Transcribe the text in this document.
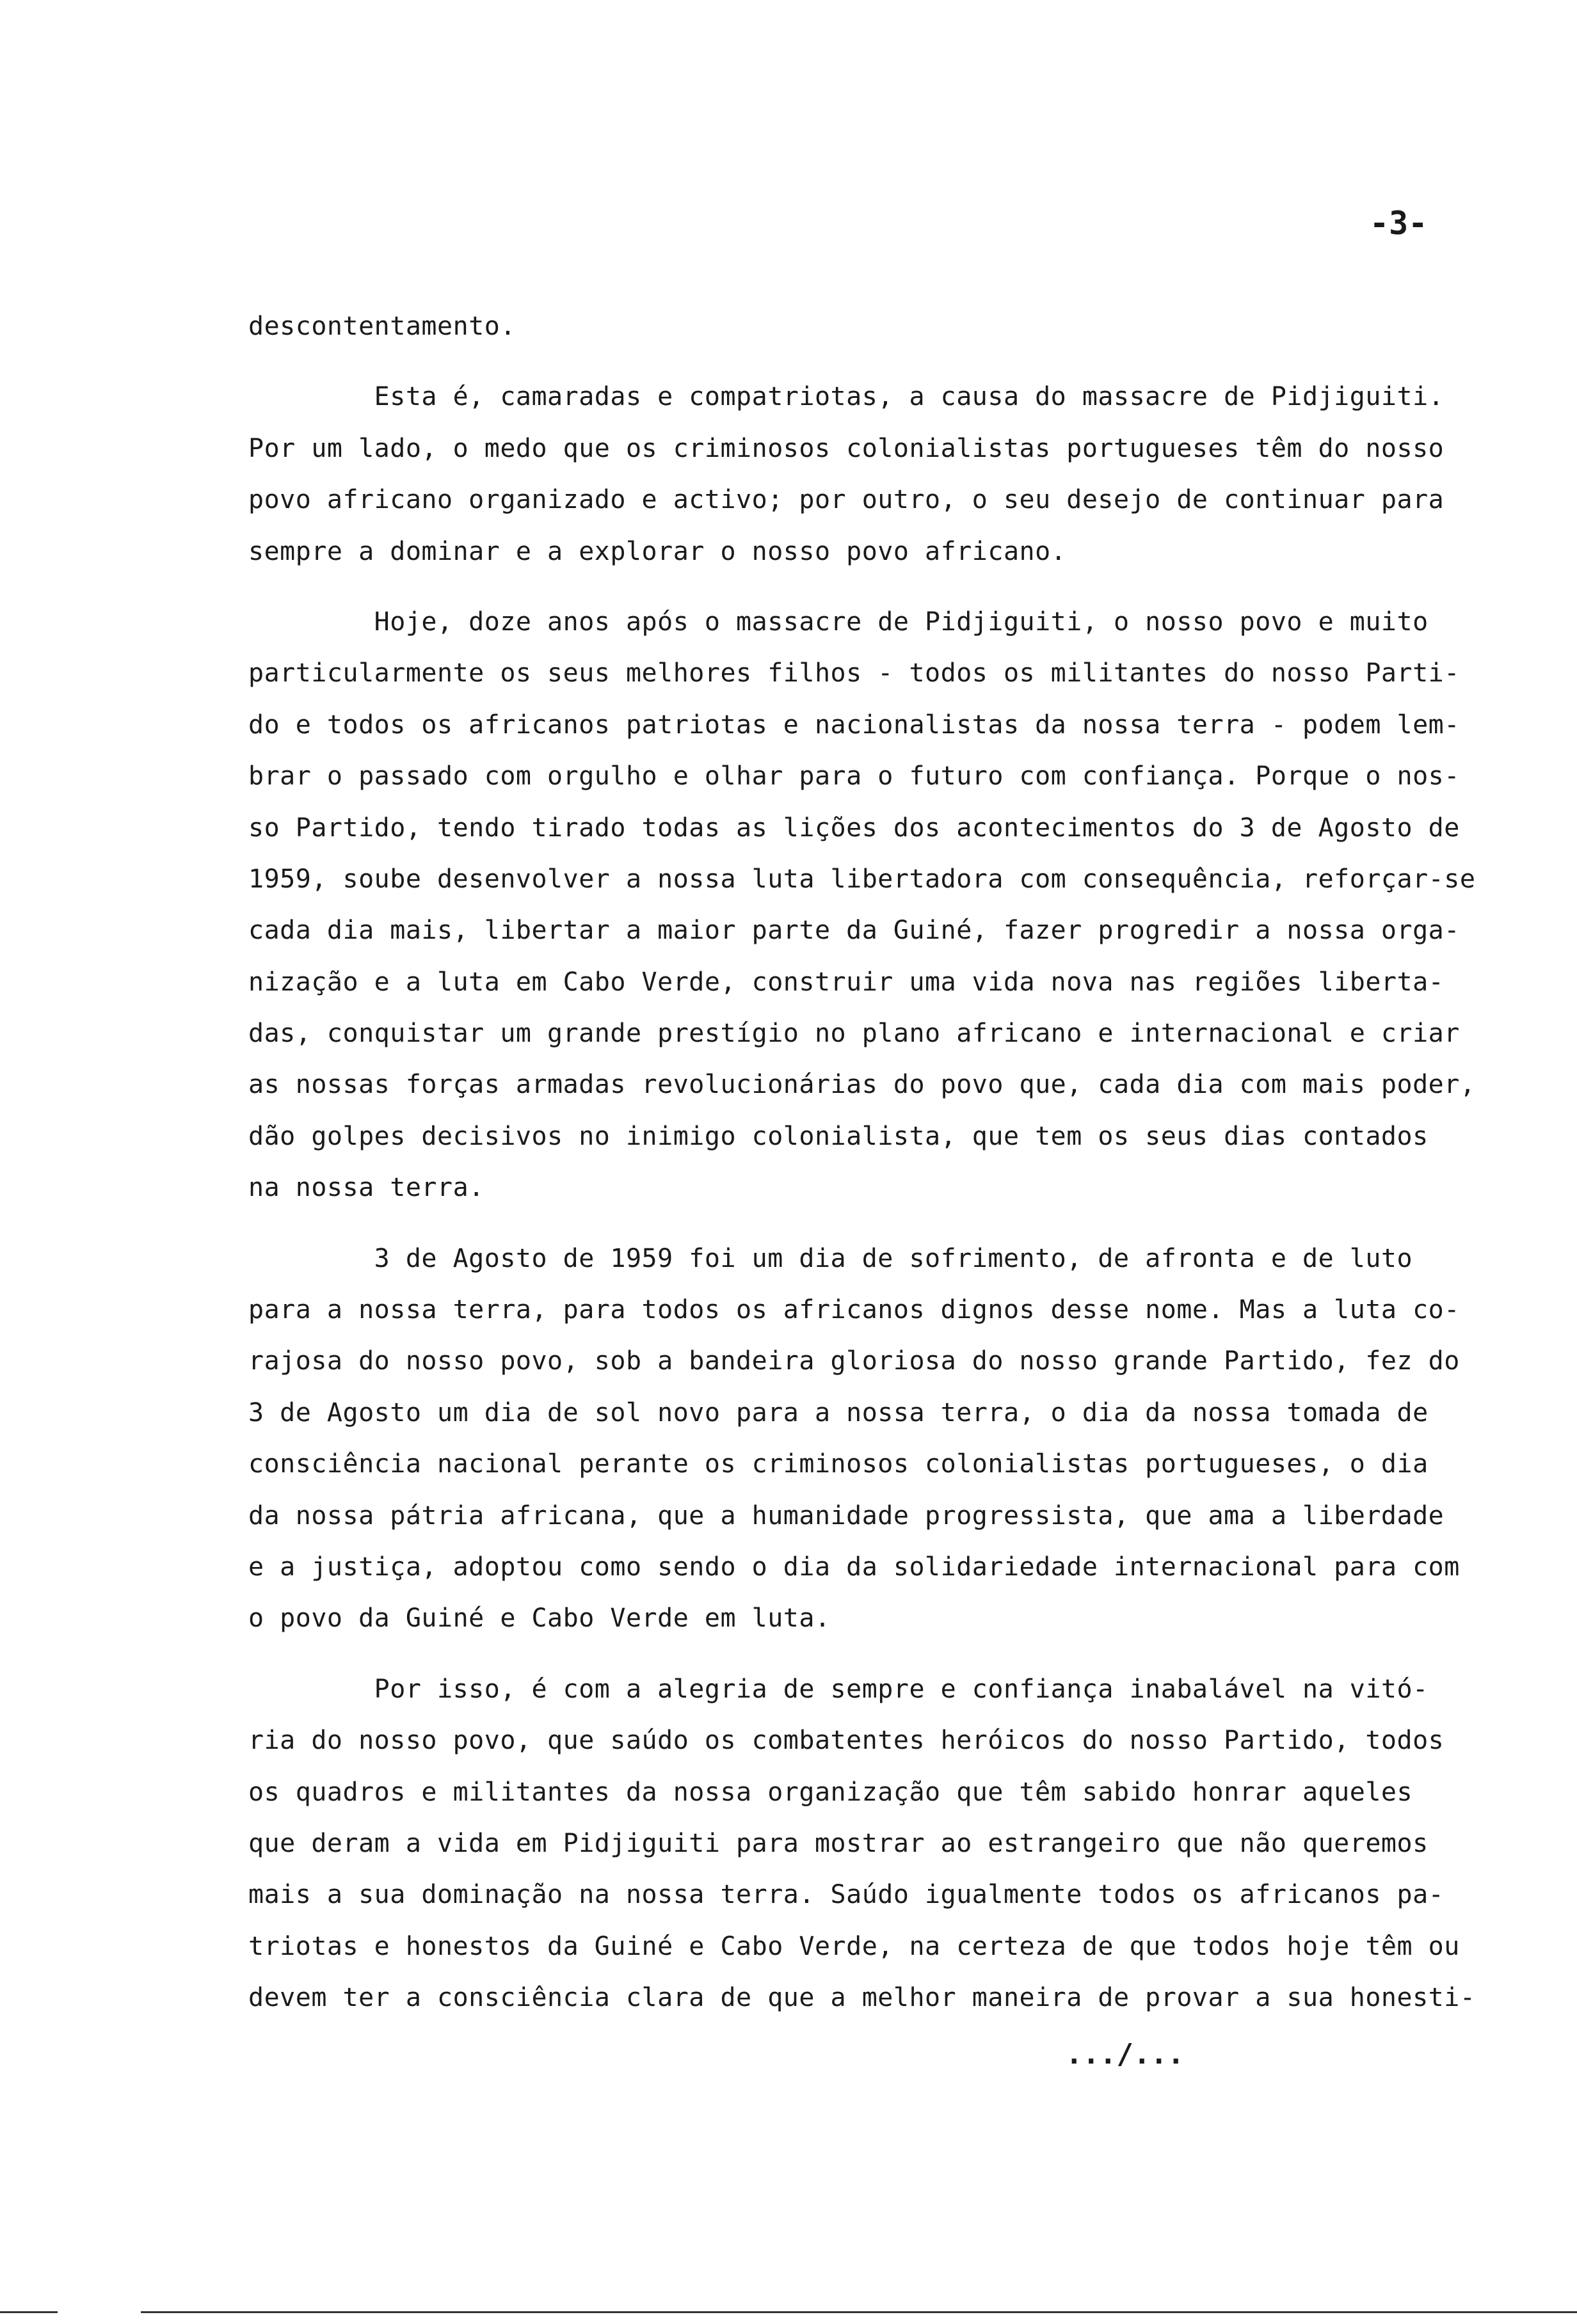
-3-
descontentamento.
Esta é, camaradas e compatriotas, a causa do massacre de Pidjiguiti.
Por um lado, o medo que os criminosos colonialistas portugueses têm do nosso
povo africano organizado e activo; por outro, o seu desejo de continuar para
sempre a dominar e a explorar o nosso povo africano.
Hoje, doze anos após o massacre de Pidjiguiti, o nosso povo e muito
particularmente os seus melhores filhos - todos os militantes do nosso Parti-
do e todos os africanos patriotas e nacionalistas da nossa terra - podem lem-
brar o passado com orgulho e olhar para o futuro com confiança. Porque o nos-
so Partido, tendo tirado todas as lições dos acontecimentos do 3 de Agosto de
1959, soube desenvolver a nossa luta libertadora com consequência, reforçar-se
cada dia mais, libertar a maior parte da Guiné, fazer progredir a nossa orga-
nização e a luta em Cabo Verde, construir uma vida nova nas regiões liberta-
das, conquistar um grande prestígio no plano africano e internacional e criar
as nossas forças armadas revolucionárias do povo que, cada dia com mais poder,
dão golpes decisivos no inimigo colonialista, que tem os seus dias contados
na nossa terra.
3 de Agosto de 1959 foi um dia de sofrimento, de afronta e de luto
para a nossa terra, para todos os africanos dignos desse nome. Mas a luta co-
rajosa do nosso povo, sob a bandeira gloriosa do nosso grande Partido, fez do
3 de Agosto um dia de sol novo para a nossa terra, o dia da nossa tomada de
consciência nacional perante os criminosos colonialistas portugueses, o dia
da nossa pátria africana, que a humanidade progressista, que ama a liberdade
e a justiça, adoptou como sendo o dia da solidariedade internacional para com
o povo da Guiné e Cabo Verde em luta.
Por isso, é com a alegria de sempre e confiança inabalável na vitó-
ria do nosso povo, que saúdo os combatentes heróicos do nosso Partido, todos
os quadros e militantes da nossa organização que têm sabido honrar aqueles
que deram a vida em Pidjiguiti para mostrar ao estrangeiro que não queremos
mais a sua dominação na nossa terra. Saúdo igualmente todos os africanos pa-
triotas e honestos da Guiné e Cabo Verde, na certeza de que todos hoje têm ou
devem ter a consciência clara de que a melhor maneira de provar a sua honesti-
.../...
